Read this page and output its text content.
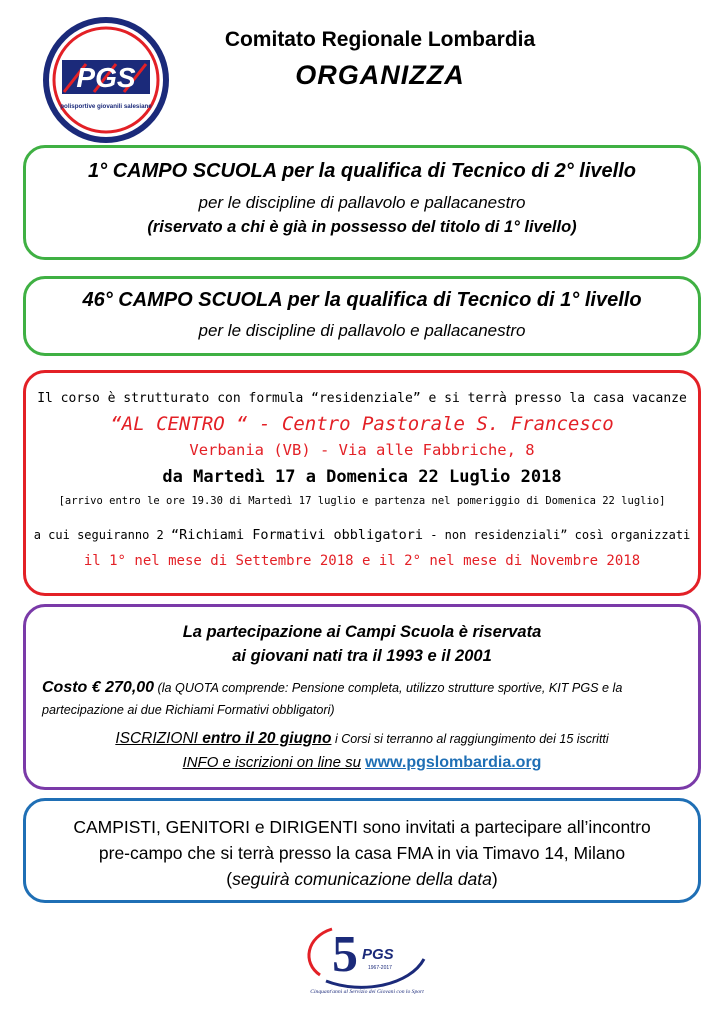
PGS
polisportive giovanili salesiane
Comitato Regionale Lombardia
ORGANIZZA
1° CAMPO SCUOLA per la qualifica di Tecnico di 2° livello
per le discipline di pallavolo e pallacanestro
(riservato a chi è già in possesso del titolo di 1° livello)
46° CAMPO SCUOLA per la qualifica di Tecnico di 1° livello
per le discipline di pallavolo e pallacanestro
Il corso è strutturato con formula “residenziale” e si terrà presso la casa vacanze
“AL CENTRO “ - Centro Pastorale S. Francesco
Verbania (VB) - Via alle Fabbriche, 8
da Martedì 17 a Domenica 22 Luglio 2018
[arrivo entro le ore 19.30 di Martedì 17 luglio e partenza nel pomeriggio di Domenica 22 luglio]
a cui seguiranno 2 “Richiami Formativi obbligatori - non residenziali” così organizzati
il 1° nel mese di Settembre 2018 e il 2° nel mese di Novembre 2018
La partecipazione ai Campi Scuola è riservata
ai giovani nati tra il 1993 e il 2001
Costo € 270,00 (la QUOTA comprende: Pensione completa, utilizzo strutture sportive, KIT PGS e la partecipazione ai due Richiami Formativi obbligatori)
ISCRIZIONI entro il 20 giugno i Corsi si terranno al raggiungimento dei 15 iscritti
INFO e iscrizioni on line su www.pgslombardia.org
CAMPISTI, GENITORI e DIRIGENTI sono invitati a partecipare all’incontro
pre-campo che si terrà presso la casa FMA in via Timavo 14, Milano
(seguirà comunicazione della data)
5 PGS
1967-2017
Cinquant'anni al Servizio dei Giovani con lo Sport
